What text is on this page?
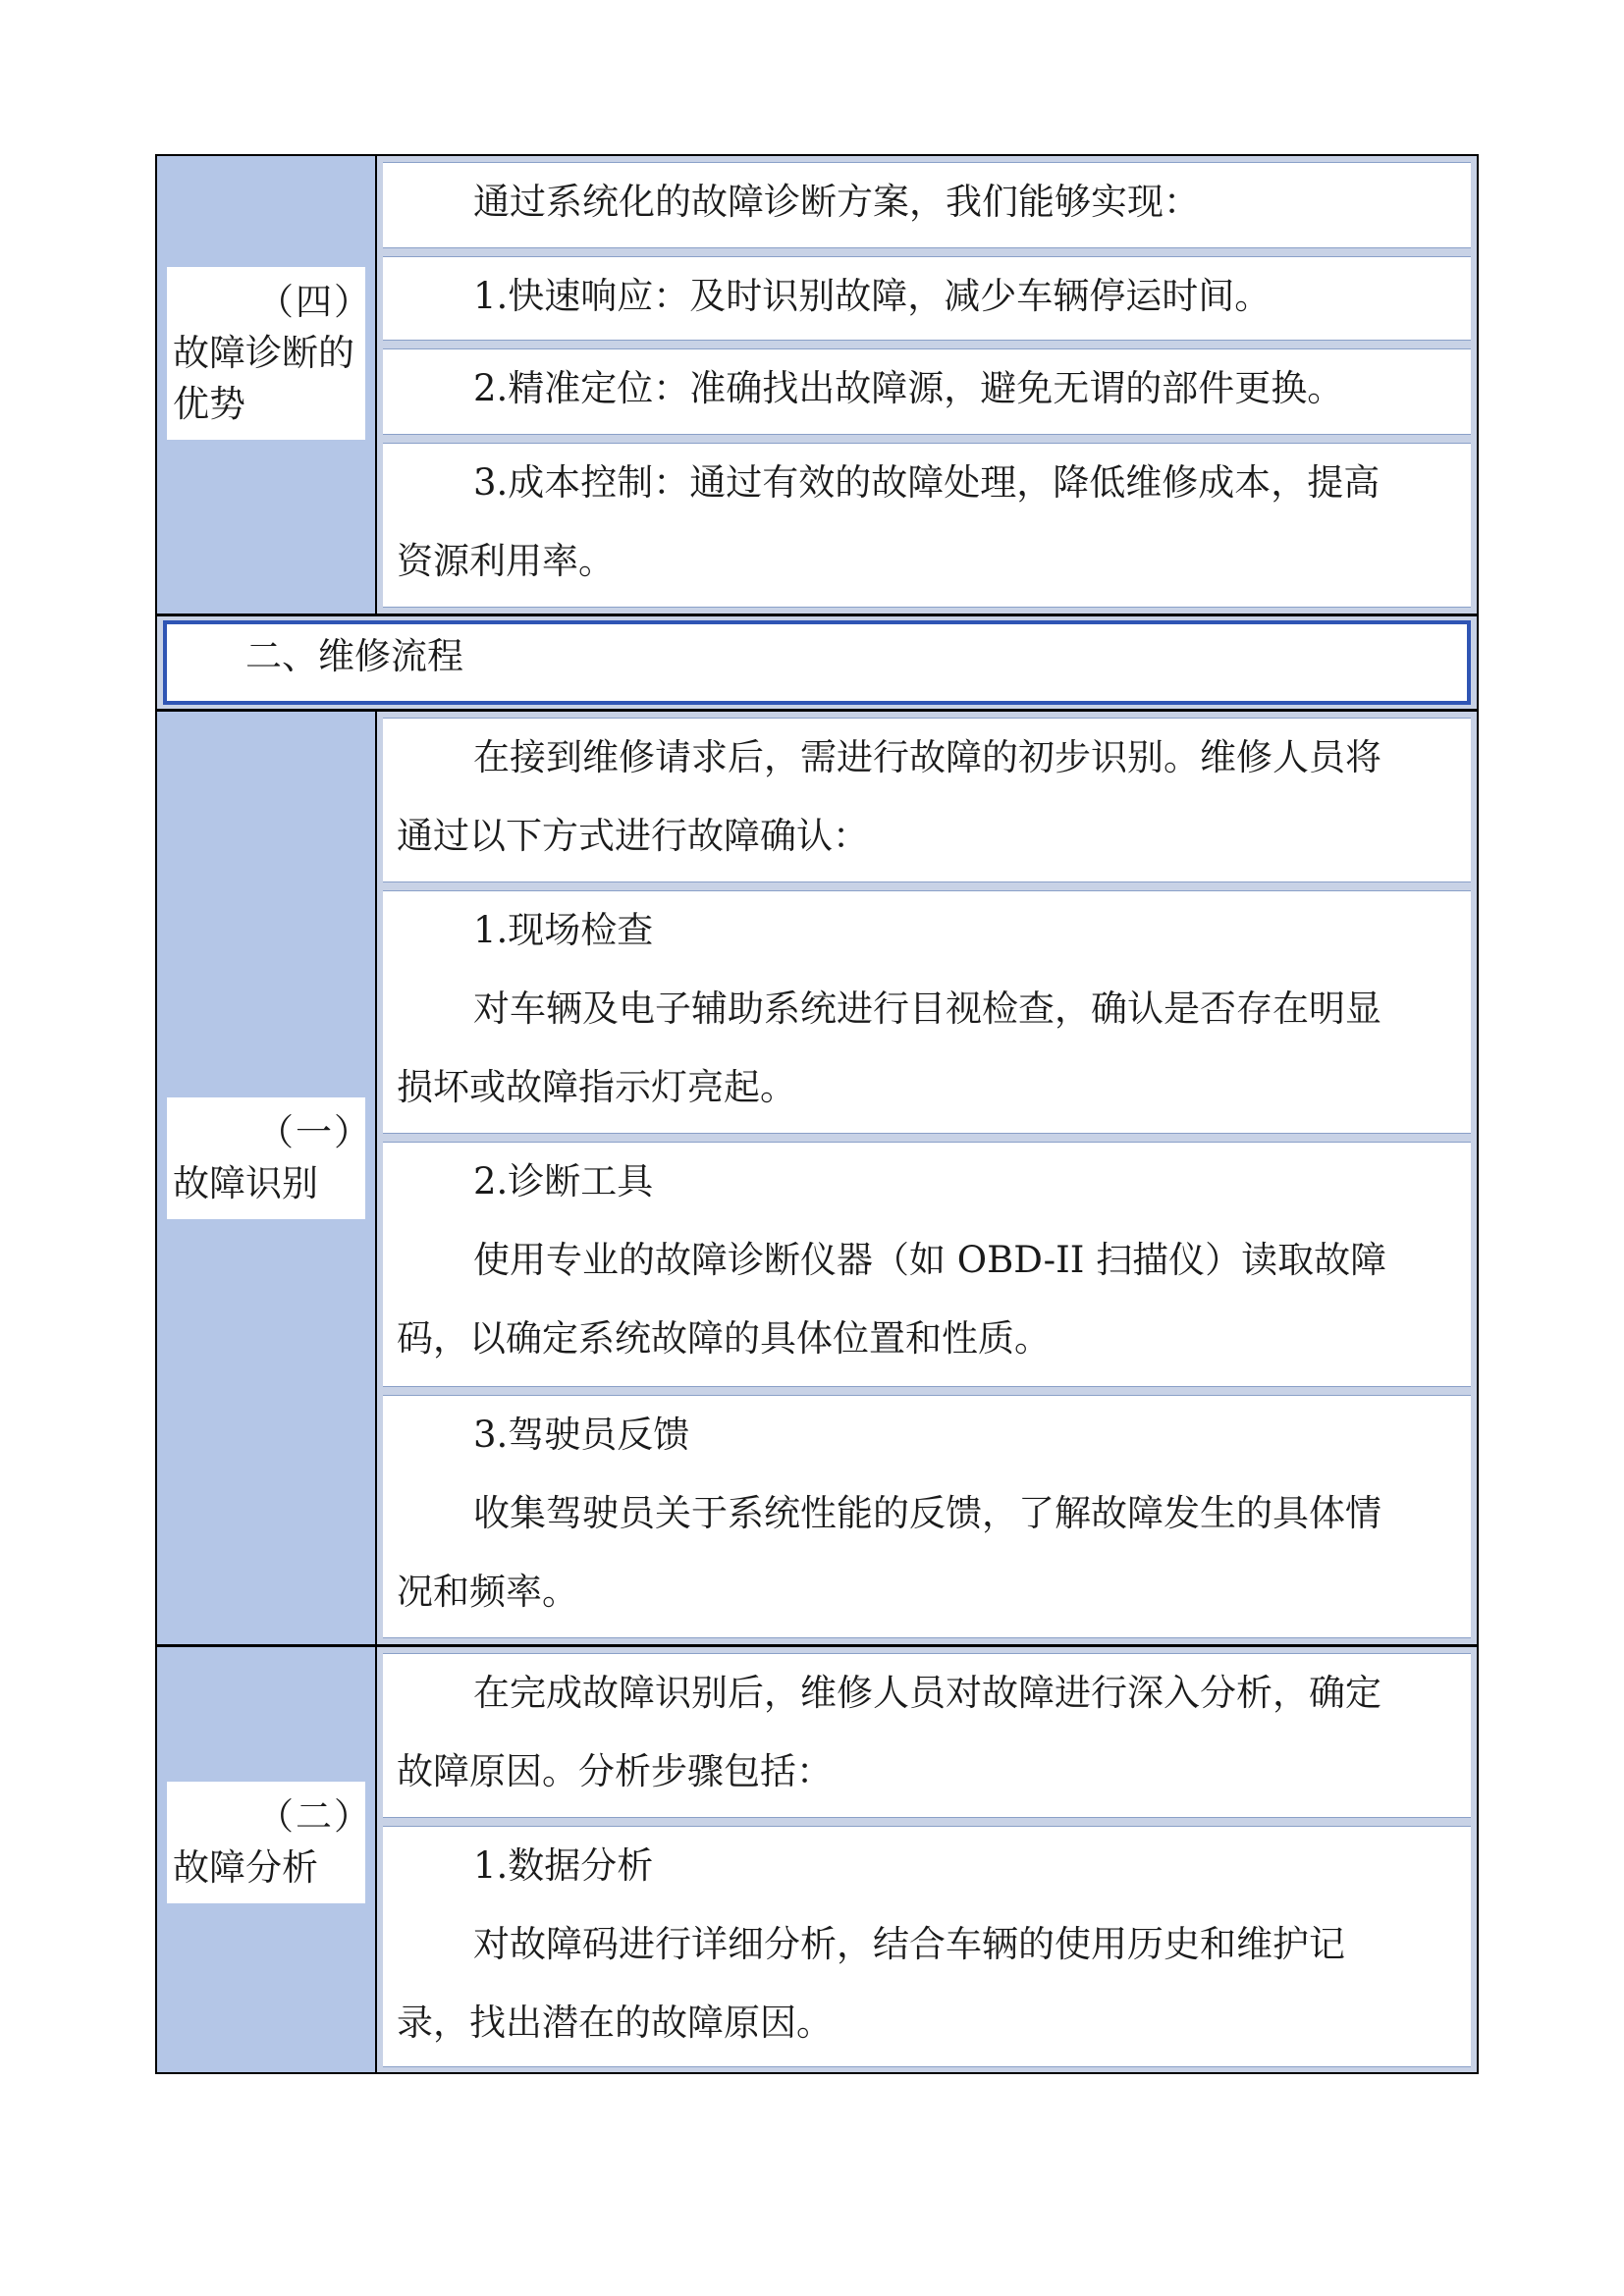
（四）
故障诊断的优势

通过系统化的故障诊断方案，我们能够实现：

1.快速响应：及时识别故障，减少车辆停运时间。

2.精准定位：准确找出故障源，避免无谓的部件更换。

3.成本控制：通过有效的故障处理，降低维修成本，提高

资源利用率。

二、维修流程
（一）
故障识别

在接到维修请求后，需进行故障的初步识别。维修人员将

通过以下方式进行故障确认：

1.现场检查

对车辆及电子辅助系统进行目视检查，确认是否存在明显

损坏或故障指示灯亮起。

2.诊断工具

使用专业的故障诊断仪器（如 OBD-II 扫描仪）读取故障

码，以确定系统故障的具体位置和性质。

3.驾驶员反馈

收集驾驶员关于系统性能的反馈，了解故障发生的具体情

况和频率。

（二）
故障分析

在完成故障识别后，维修人员对故障进行深入分析，确定

故障原因。分析步骤包括：

1.数据分析

对故障码进行详细分析，结合车辆的使用历史和维护记

录，找出潜在的故障原因。
